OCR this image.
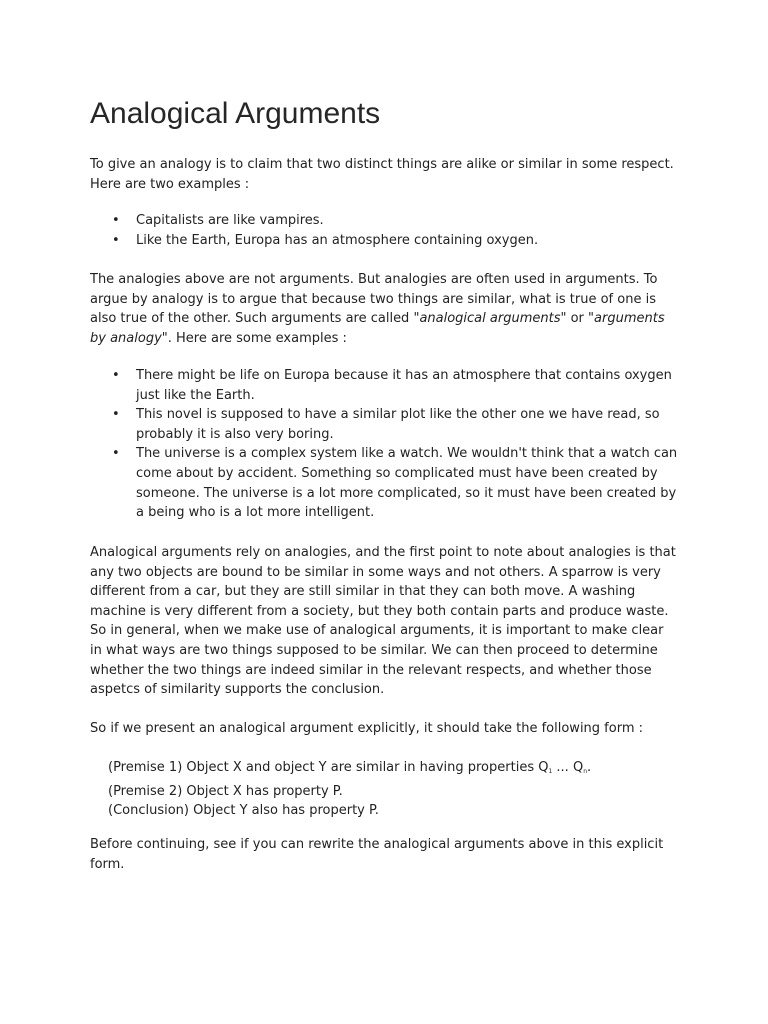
Analogical Arguments

To give an analogy is to claim that two distinct things are alike or similar in some respect. Here are two examples :

• Capitalists are like vampires.
• Like the Earth, Europa has an atmosphere containing oxygen.

The analogies above are not arguments. But analogies are often used in arguments. To argue by analogy is to argue that because two things are similar, what is true of one is also true of the other. Such arguments are called "analogical arguments" or "arguments by analogy". Here are some examples :

• There might be life on Europa because it has an atmosphere that contains oxygen just like the Earth.
• This novel is supposed to have a similar plot like the other one we have read, so probably it is also very boring.
• The universe is a complex system like a watch. We wouldn't think that a watch can come about by accident. Something so complicated must have been created by someone. The universe is a lot more complicated, so it must have been created by a being who is a lot more intelligent.

Analogical arguments rely on analogies, and the first point to note about analogies is that any two objects are bound to be similar in some ways and not others. A sparrow is very different from a car, but they are still similar in that they can both move. A washing machine is very different from a society, but they both contain parts and produce waste. So in general, when we make use of analogical arguments, it is important to make clear in what ways are two things supposed to be similar. We can then proceed to determine whether the two things are indeed similar in the relevant respects, and whether those aspetcs of similarity supports the conclusion.

So if we present an analogical argument explicitly, it should take the following form :

(Premise 1) Object X and object Y are similar in having properties $Q_1$ ... $Q_n$.
(Premise 2) Object X has property P.
(Conclusion) Object Y also has property P.

Before continuing, see if you can rewrite the analogical arguments above in this explicit form.
